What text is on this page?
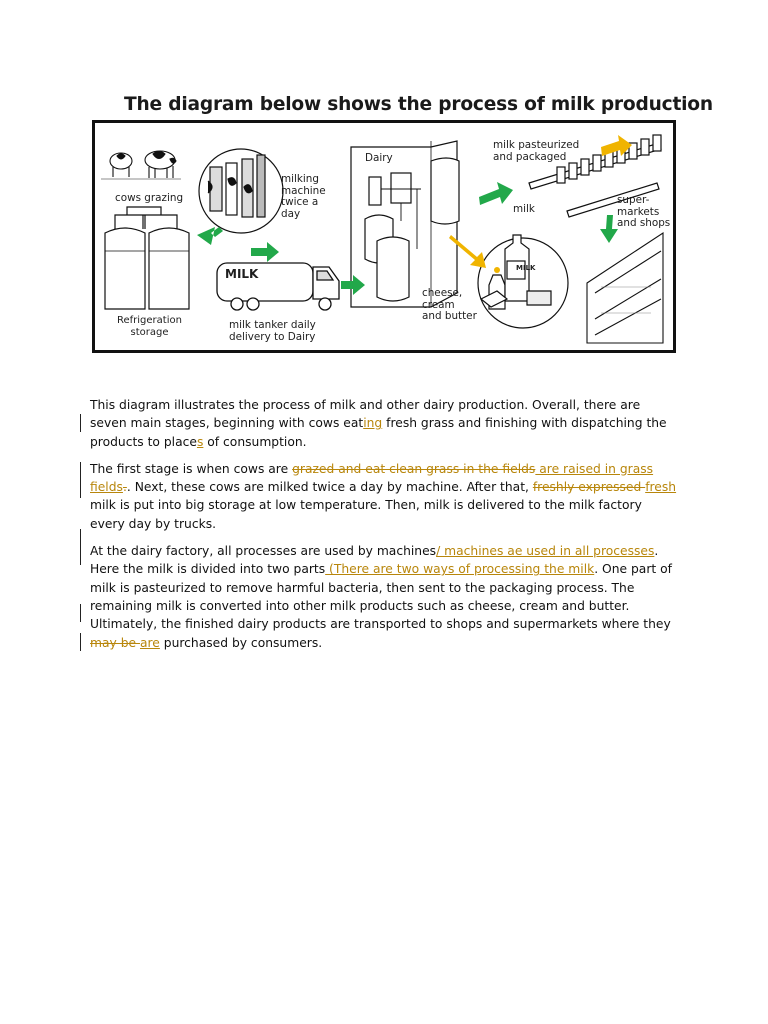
The diagram below shows the process of milk production
cows grazing
milking
machine
twice a
day
Refrigeration
storage
MILK
milk tanker daily
delivery to Dairy
Dairy
milk pasteurized
and packaged
milk
super-
markets
and shops
cheese,
cream
and butter
MILK

This diagram illustrates the process of milk and other dairy production. Overall, there are seven main stages, beginning with cows eating fresh grass and finishing with dispatching the products to places of consumption.

The first stage is when cows are grazed and eat clean grass in the fields are raised in grass fields.. Next, these cows are milked twice a day by machine. After that, freshly expressed fresh milk is put into big storage at low temperature. Then, milk is delivered to the milk factory every day by trucks.

At the dairy factory, all processes are used by machines/ machines ae used in all processes. Here the milk is divided into two parts (There are two ways of processing the milk. One part of milk is pasteurized to remove harmful bacteria, then sent to the packaging process. The remaining milk is converted into other milk products such as cheese, cream and butter. Ultimately, the finished dairy products are transported to shops and supermarkets where they may be are purchased by consumers.
